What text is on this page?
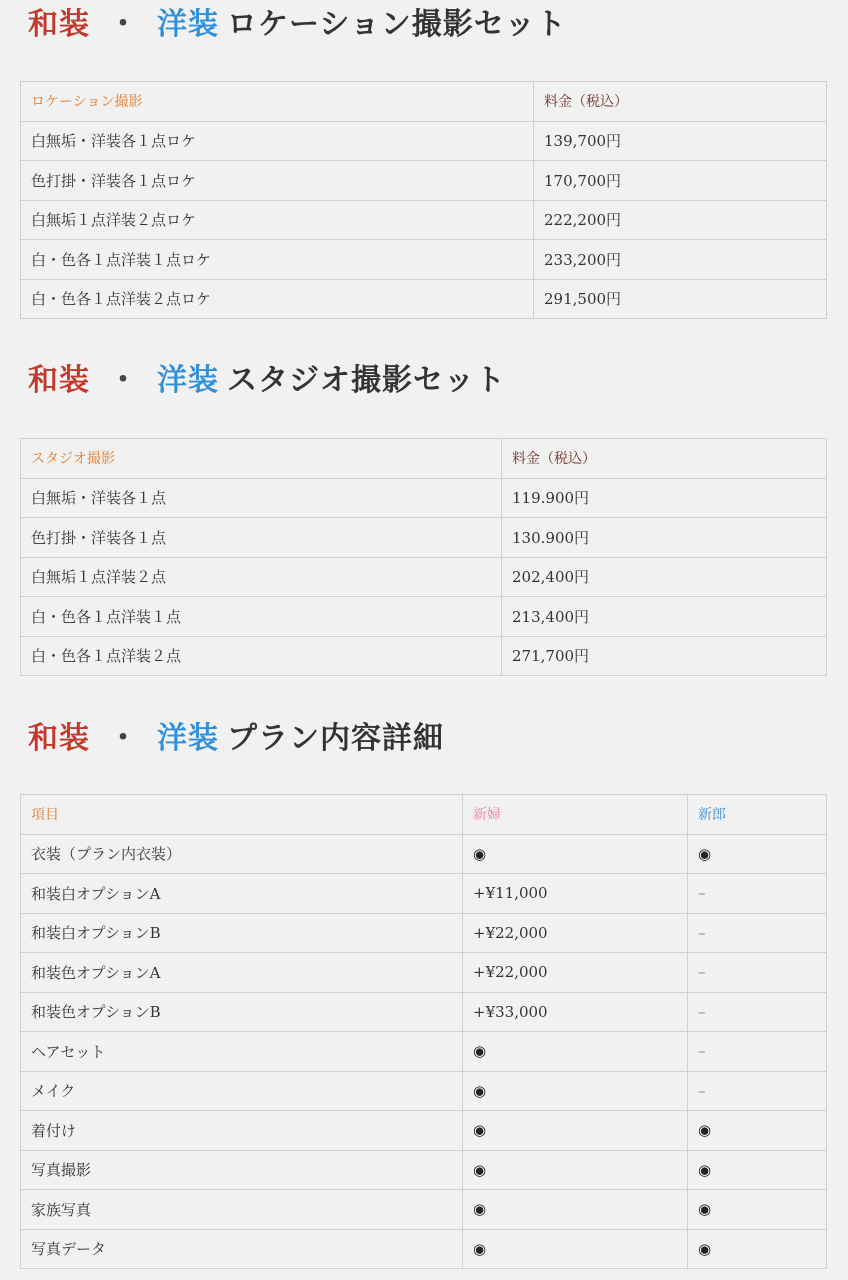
和装 ・ 洋装 ロケーション撮影セット
ロケーション撮影	料金（税込）
白無垢・洋装各１点ロケ	139,700円
色打掛・洋装各１点ロケ	170,700円
白無垢１点洋装２点ロケ	222,200円
白・色各１点洋装１点ロケ	233,200円
白・色各１点洋装２点ロケ	291,500円
和装 ・ 洋装 スタジオ撮影セット
スタジオ撮影	料金（税込）
白無垢・洋装各１点	119.900円
色打掛・洋装各１点	130.900円
白無垢１点洋装２点	202,400円
白・色各１点洋装１点	213,400円
白・色各１点洋装２点	271,700円
和装 ・ 洋装 プラン内容詳細
項目	新婦	新郎
衣装（プラン内衣装）	◉	◉
和装白オプションA	+¥11,000	–
和装白オプションB	+¥22,000	–
和装色オプションA	+¥22,000	–
和装色オプションB	+¥33,000	–
ヘアセット	◉	–
メイク	◉	–
着付け	◉	◉
写真撮影	◉	◉
家族写真	◉	◉
写真データ	◉	◉
